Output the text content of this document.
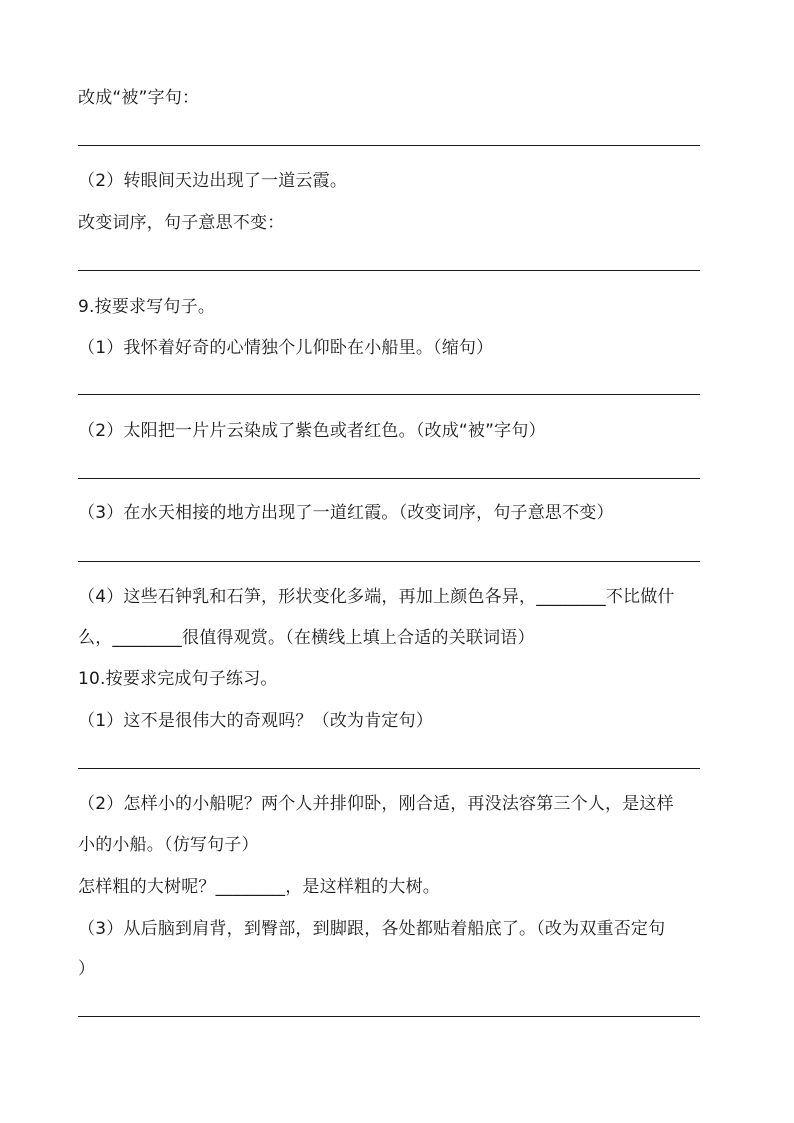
改成“被”字句：
（2）转眼间天边出现了一道云霞。
改变词序，句子意思不变：
9.按要求写句子。
（1）我怀着好奇的心情独个儿仰卧在小船里。（缩句）
（2）太阳把一片片云染成了紫色或者红色。（改成“被”字句）
（3）在水天相接的地方出现了一道红霞。（改变词序，句子意思不变）
（4）这些石钟乳和石笋，形状变化多端，再加上颜色各异，________不比做什
么，________很值得观赏。（在横线上填上合适的关联词语）
10.按要求完成句子练习。
（1）这不是很伟大的奇观吗？（改为肯定句）
（2）怎样小的小船呢？两个人并排仰卧，刚合适，再没法容第三个人，是这样
小的小船。（仿写句子）
怎样粗的大树呢？________，是这样粗的大树。
（3）从后脑到肩背，到臀部，到脚跟，各处都贴着船底了。（改为双重否定句
）
